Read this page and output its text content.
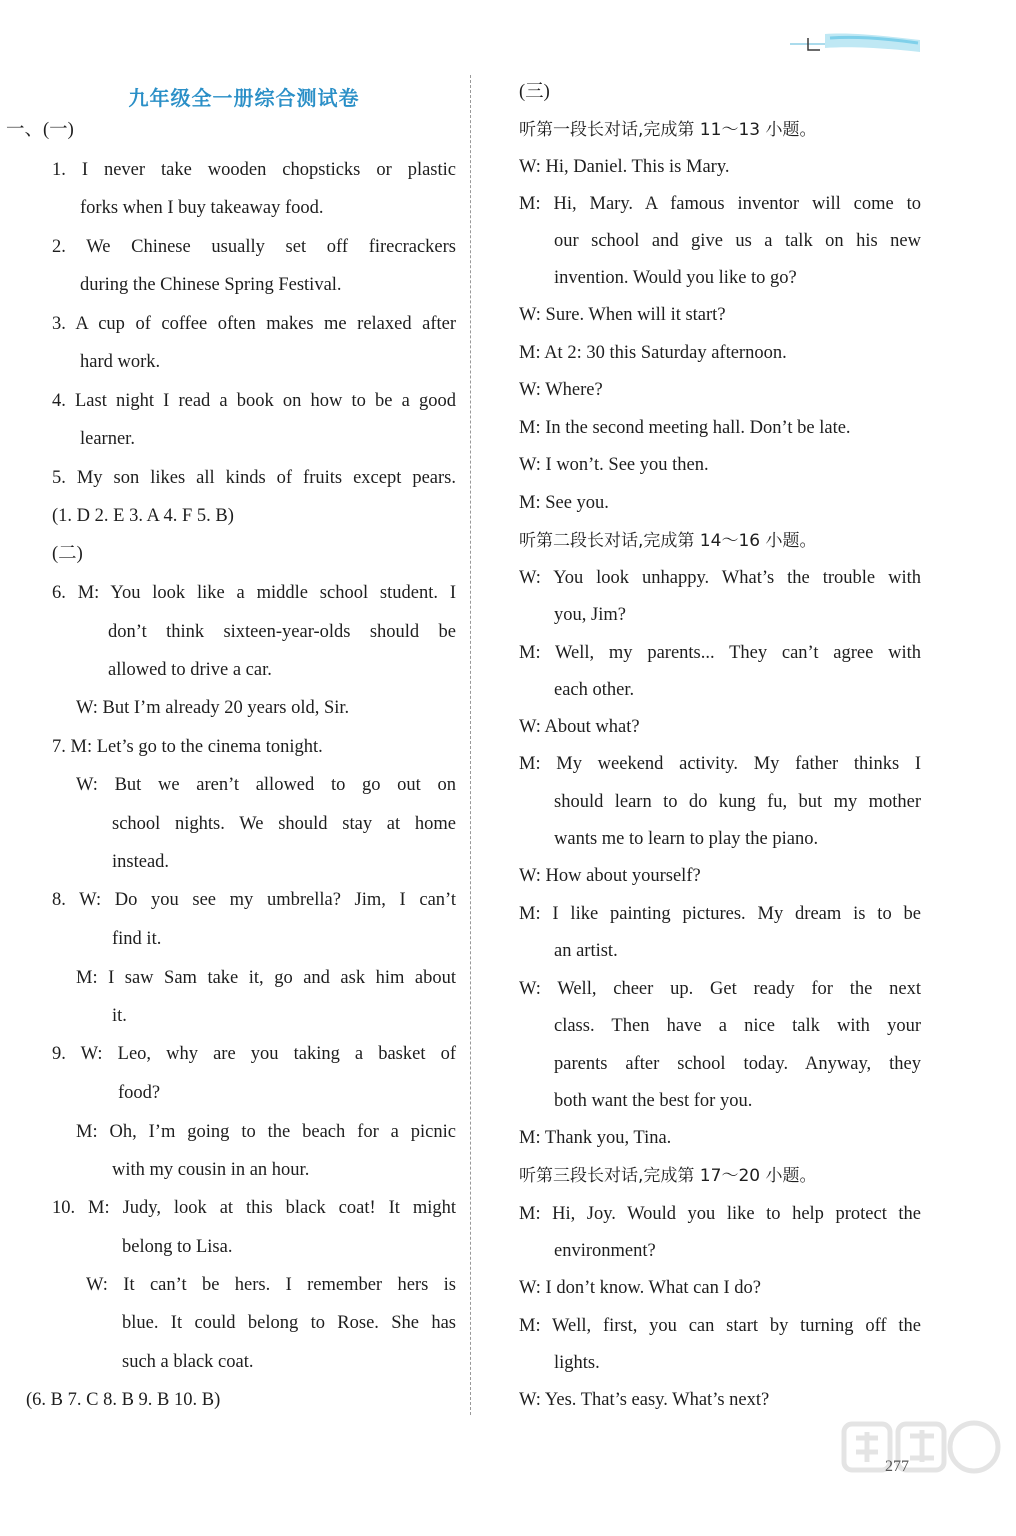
九年级全一册综合测试卷
一、(一)
1. I never take wooden chopsticks or plastic
forks when I buy takeaway food.
2. We Chinese usually set off firecrackers
during the Chinese Spring Festival.
3. A cup of coffee often makes me relaxed after
hard work.
4. Last night I read a book on how to be a good
learner.
5. My son likes all kinds of fruits except pears.
(1. D 2. E 3. A 4. F 5. B)
(二)
6. M: You look like a middle school student. I
don’t think sixteen-year-olds should be
allowed to drive a car.
W: But I’m already 20 years old, Sir.
7. M: Let’s go to the cinema tonight.
W: But we aren’t allowed to go out on
school nights. We should stay at home
instead.
8. W: Do you see my umbrella? Jim, I can’t
find it.
M: I saw Sam take it, go and ask him about
it.
9. W: Leo, why are you taking a basket of
food?
M: Oh, I’m going to the beach for a picnic
with my cousin in an hour.
10. M: Judy, look at this black coat! It might
belong to Lisa.
W: It can’t be hers. I remember hers is
blue. It could belong to Rose. She has
such a black coat.
(6. B 7. C 8. B 9. B 10. B)
(三)
听第一段长对话,完成第 11～13 小题。
W: Hi, Daniel. This is Mary.
M: Hi, Mary. A famous inventor will come to
our school and give us a talk on his new
invention. Would you like to go?
W: Sure. When will it start?
M: At 2: 30 this Saturday afternoon.
W: Where?
M: In the second meeting hall. Don’t be late.
W: I won’t. See you then.
M: See you.
听第二段长对话,完成第 14～16 小题。
W: You look unhappy. What’s the trouble with
you, Jim?
M: Well, my parents... They can’t agree with
each other.
W: About what?
M: My weekend activity. My father thinks I
should learn to do kung fu, but my mother
wants me to learn to play the piano.
W: How about yourself?
M: I like painting pictures. My dream is to be
an artist.
W: Well, cheer up. Get ready for the next
class. Then have a nice talk with your
parents after school today. Anyway, they
both want the best for you.
M: Thank you, Tina.
听第三段长对话,完成第 17～20 小题。
M: Hi, Joy. Would you like to help protect the
environment?
W: I don’t know. What can I do?
M: Well, first, you can start by turning off the
lights.
W: Yes. That’s easy. What’s next?
277
